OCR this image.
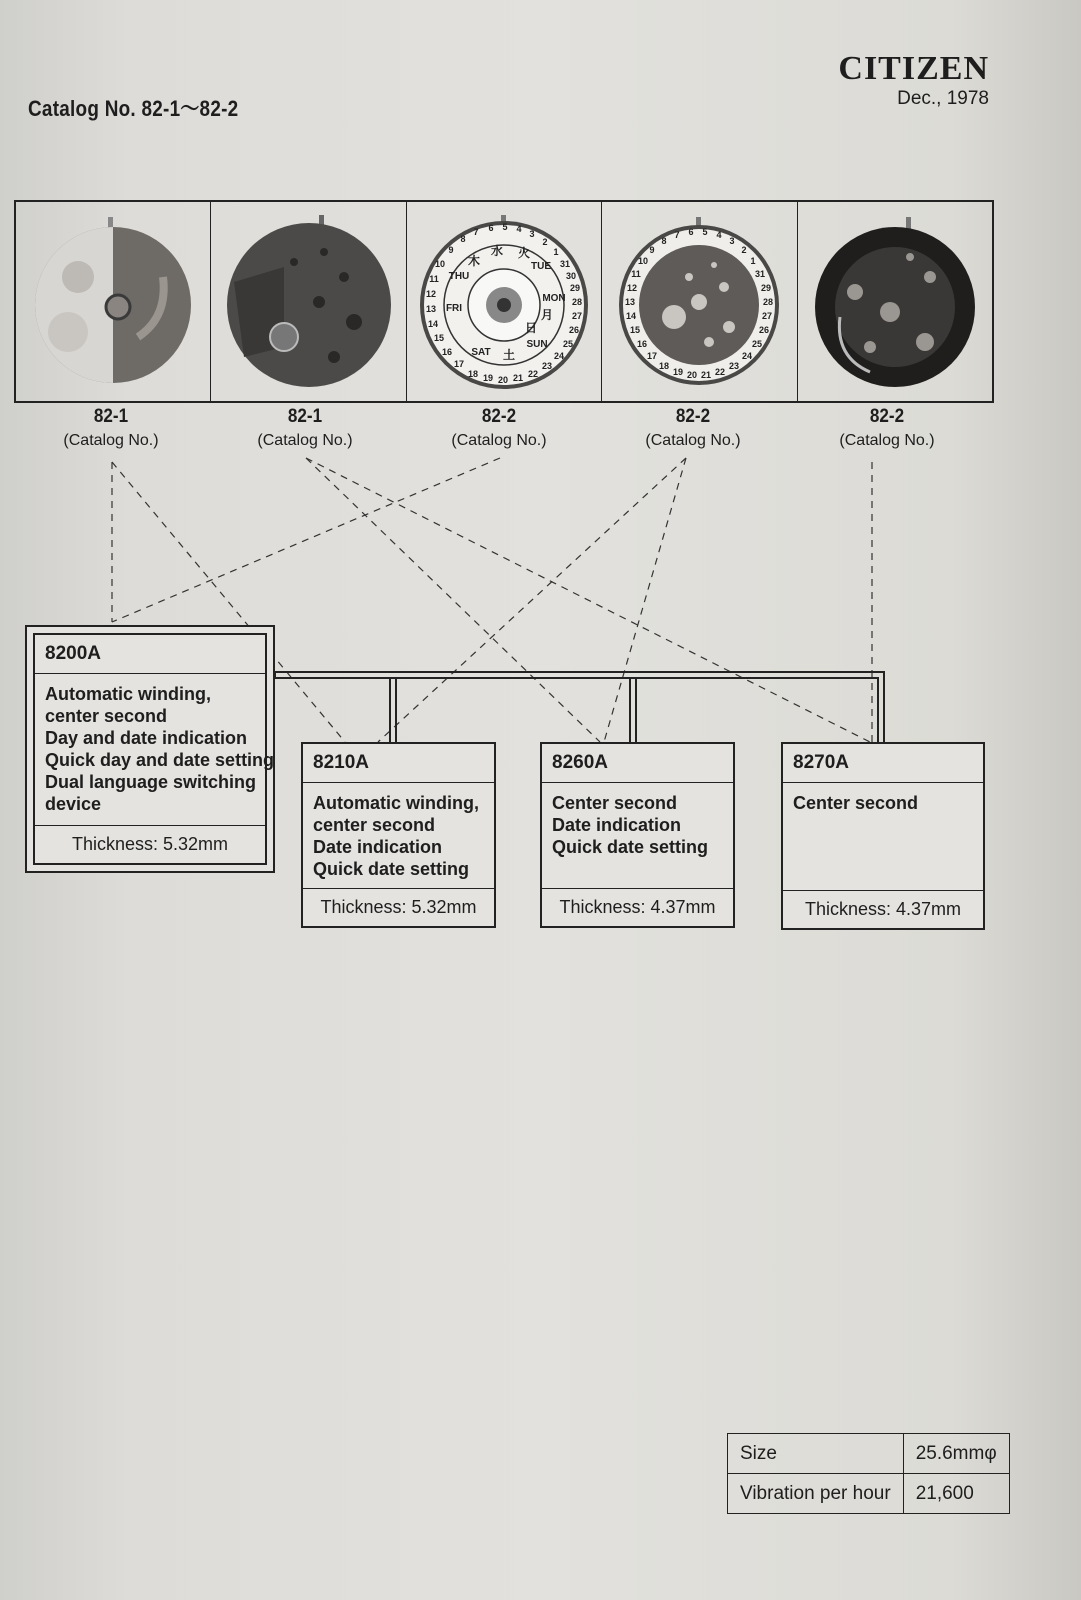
Catalog No. 82-1〜82-2
CITIZEN
Dec., 1978
MON
TUE
THU
FRI
SAT
SUN
火
月
水
木
土
日
29
28
27
26
25
24
23
22
21
20
19
18
17
16
15
14
13
12
11
10
9
8
7 6 5 4 3
2
1
31
30
29
28
27
26
25
24
23
22
21
20
19
18
17
16
15
14
13
12
11
10
9
8
7 6 5 4
3
2
1
31
82-1
(Catalog No.)
82-1
(Catalog No.)
82-2
(Catalog No.)
82-2
(Catalog No.)
82-2
(Catalog No.)
8200A
Automatic winding,
center second
Day and date indication
Quick day and date setting
Dual language switching
device
Thickness: 5.32mm
8210A
Automatic winding,
center second
Date indication
Quick date setting
Thickness: 5.32mm
8260A
Center second
Date indication
Quick date setting
Thickness: 4.37mm
8270A
Center second
Thickness: 4.37mm
Size	25.6mmφ
Vibration per hour	21,600
